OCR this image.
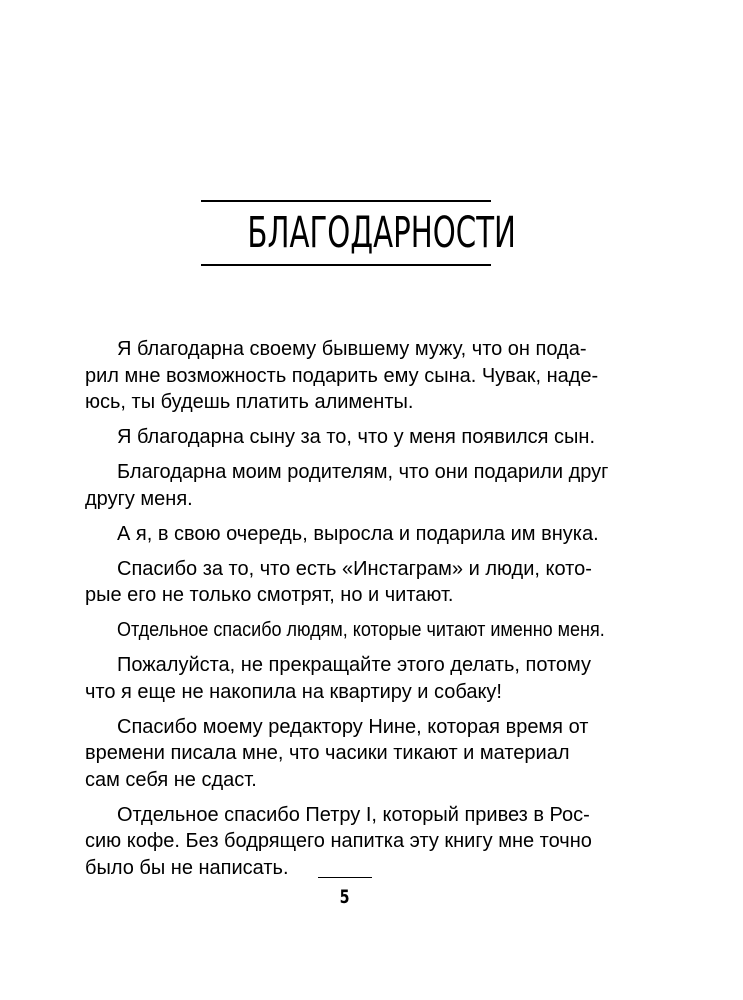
БЛАГОДАРНОСТИ
Я благодарна своему бывшему мужу, что он пода-
рил мне возможность подарить ему сына. Чувак, наде-
юсь, ты будешь платить алименты.
Я благодарна сыну за то, что у меня появился сын.
Благодарна моим родителям, что они подарили друг
другу меня.
А я, в свою очередь, выросла и подарила им внука.
Спасибо за то, что есть «Инстаграм» и люди, кото-
рые его не только смотрят, но и читают.
Отдельное спасибо людям, которые читают именно меня.
Пожалуйста, не прекращайте этого делать, потому
что я еще не накопила на квартиру и собаку!
Спасибо моему редактору Нине, которая время от
времени писала мне, что часики тикают и материал
сам себя не сдаст.
Отдельное спасибо Петру I, который привез в Рос-
сию кофе. Без бодрящего напитка эту книгу мне точно
было бы не написать.
5
